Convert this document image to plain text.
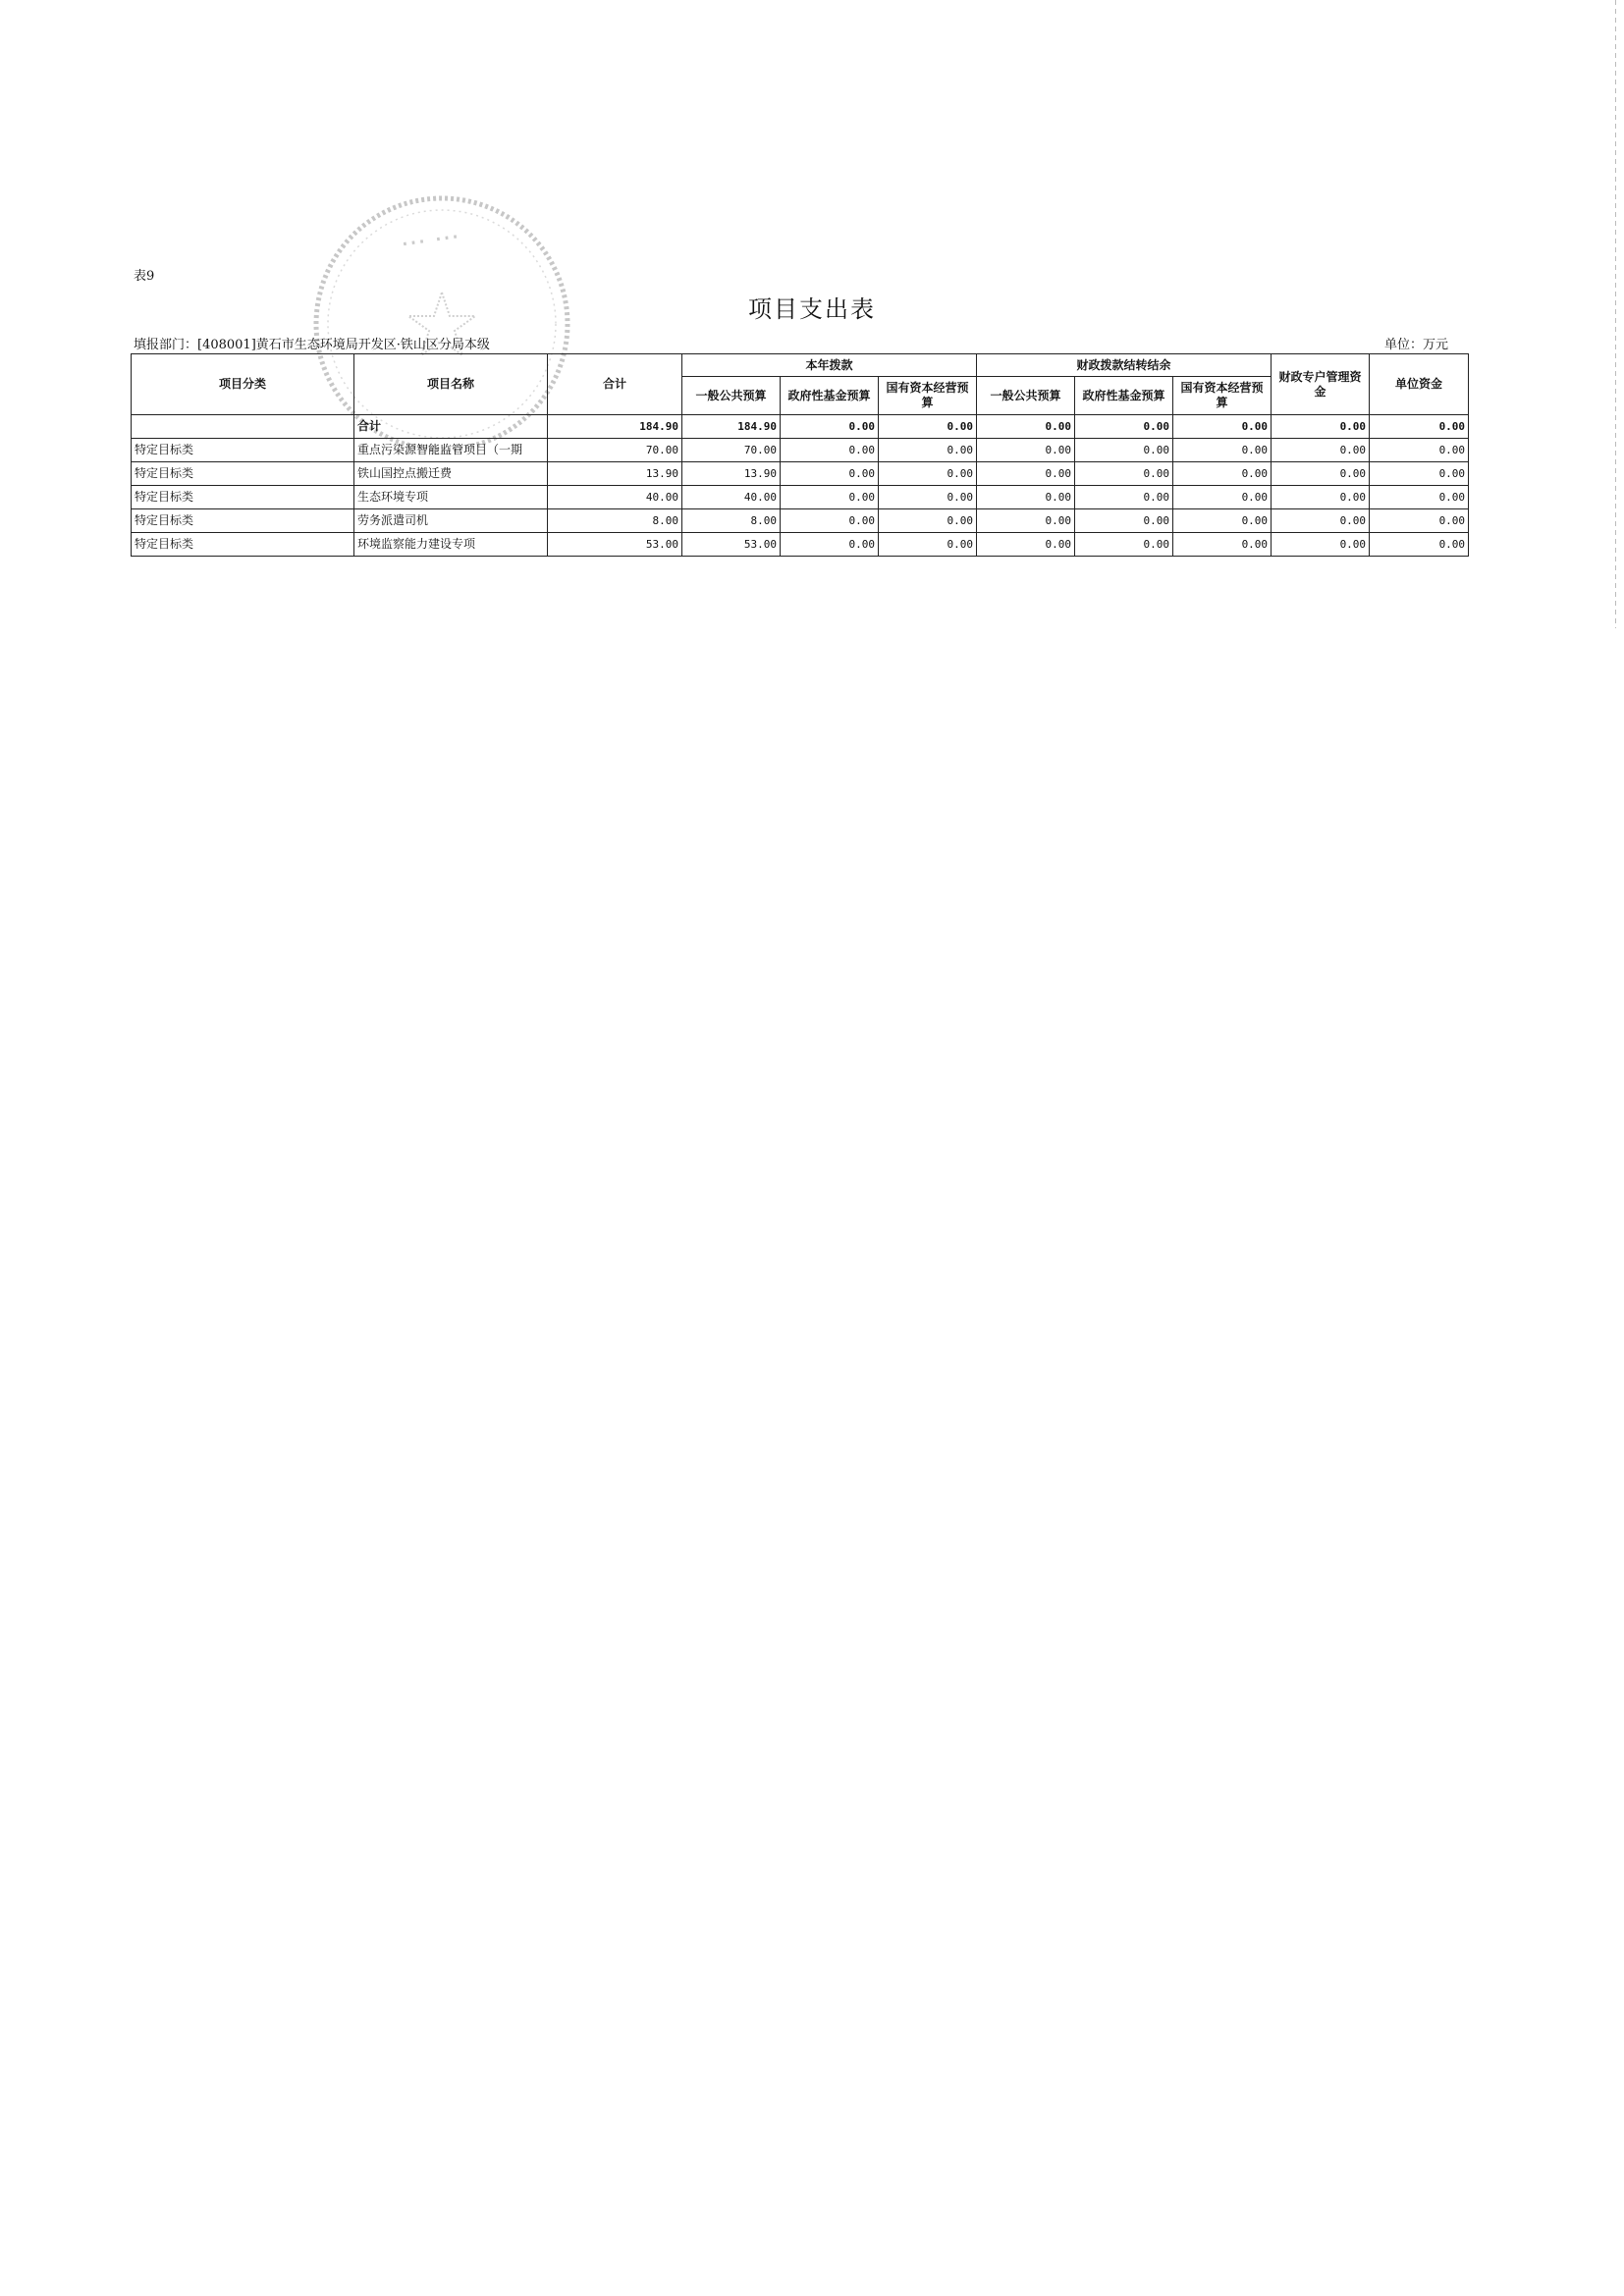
⋯ ⋯
表9
项目支出表
填报部门：[408001]黄石市生态环境局开发区·铁山区分局本级	单位：万元
项目分类	项目名称	合计	本年拨款			财政拨款结转结余			财政专户管理资金	单位资金
			一般公共预算	政府性基金预算	国有资本经营预算	一般公共预算	政府性基金预算	国有资本经营预算		
	合计	184.90	184.90	0.00	0.00	0.00	0.00	0.00	0.00	0.00
特定目标类	重点污染源智能监管项目（一期	70.00	70.00	0.00	0.00	0.00	0.00	0.00	0.00	0.00
特定目标类	铁山国控点搬迁费	13.90	13.90	0.00	0.00	0.00	0.00	0.00	0.00	0.00
特定目标类	生态环境专项	40.00	40.00	0.00	0.00	0.00	0.00	0.00	0.00	0.00
特定目标类	劳务派遣司机	8.00	8.00	0.00	0.00	0.00	0.00	0.00	0.00	0.00
特定目标类	环境监察能力建设专项	53.00	53.00	0.00	0.00	0.00	0.00	0.00	0.00	0.00
